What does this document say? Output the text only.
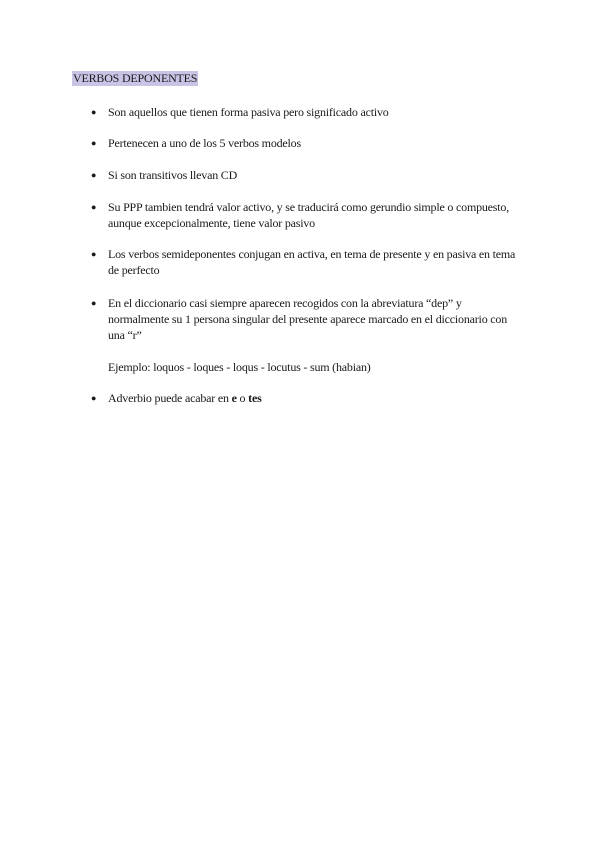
VERBOS DEPONENTES
● Son aquellos que tienen forma pasiva pero significado activo
● Pertenecen a uno de los 5 verbos modelos
● Si son transitivos llevan CD
● Su PPP tambien tendrá valor activo, y se traducirá como gerundio simple o compuesto, aunque excepcionalmente, tiene valor pasivo
● Los verbos semideponentes conjugan en activa, en tema de presente y en pasiva en tema de perfecto
● En el diccionario casi siempre aparecen recogidos con la abreviatura “dep” y normalmente su 1 persona singular del presente aparece marcado en el diccionario con una “r”
Ejemplo: loquos - loques - loqus - locutus - sum (habian)
● Adverbio puede acabar en e o tes
